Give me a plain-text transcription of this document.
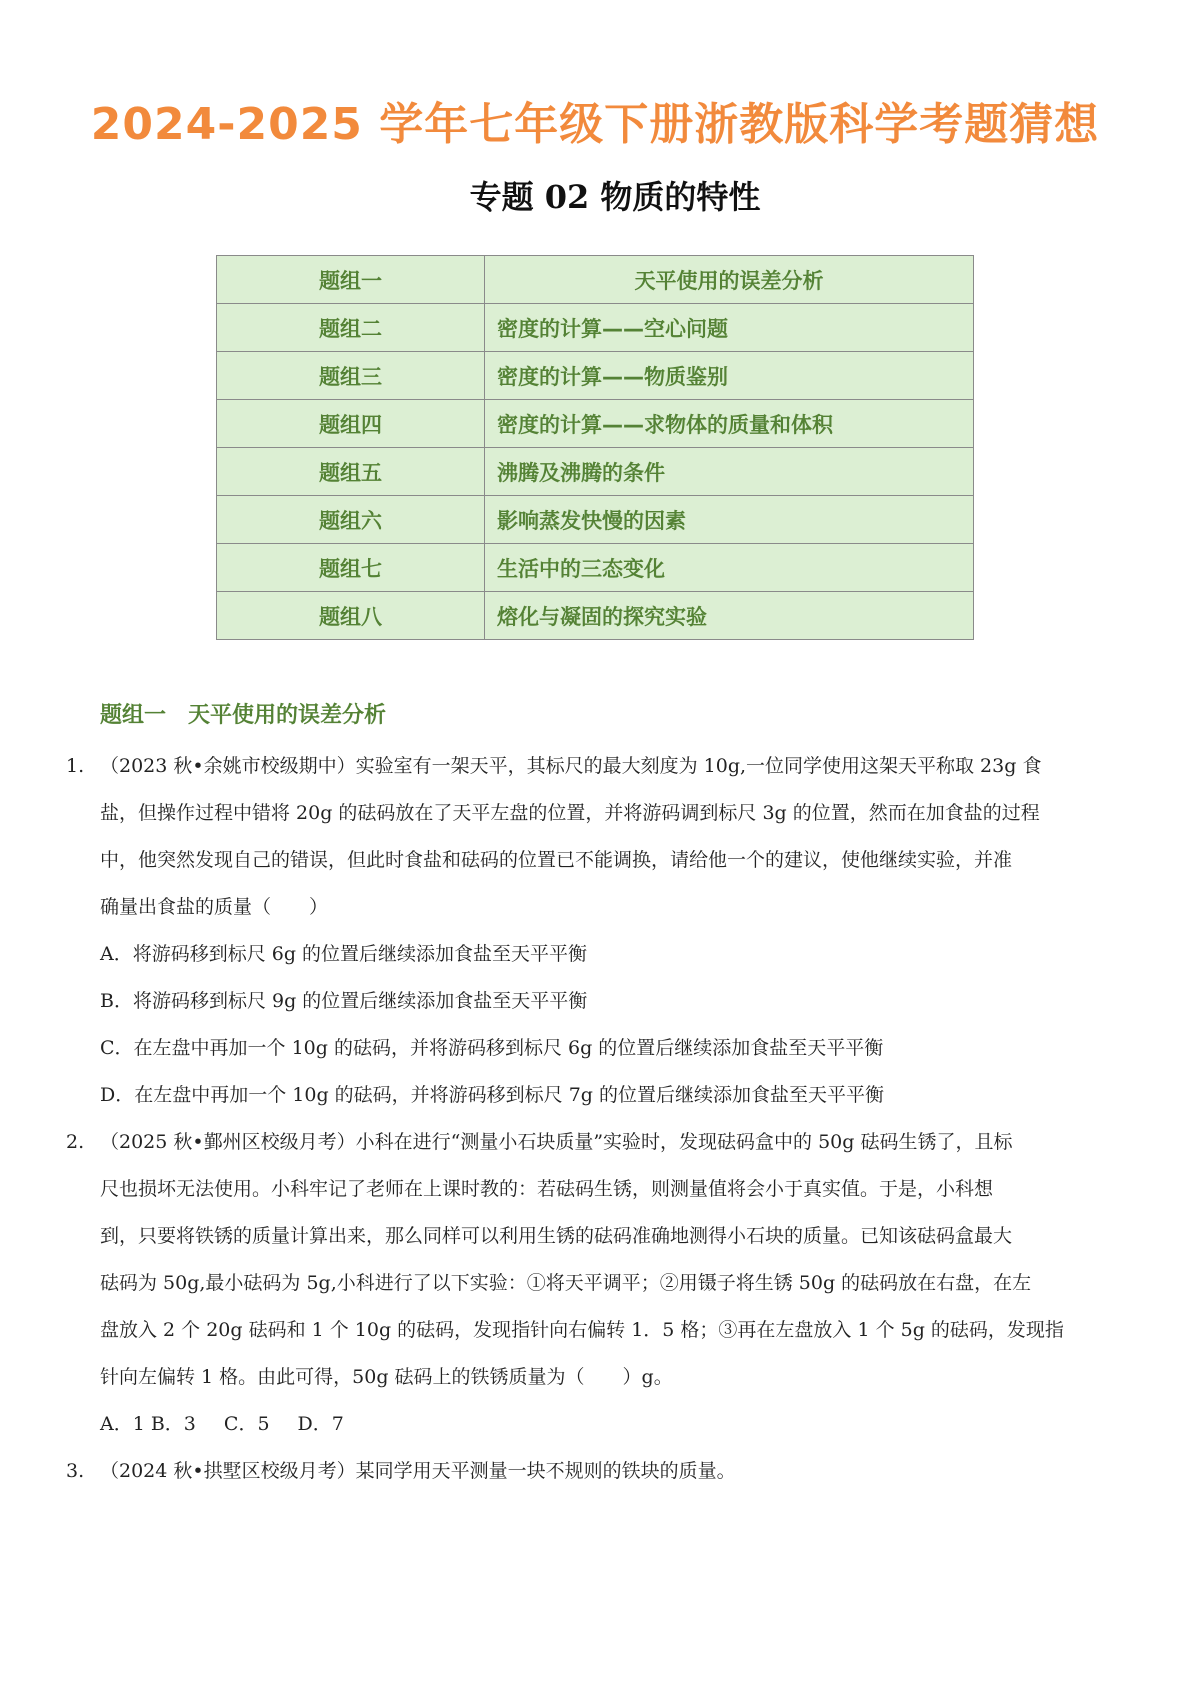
2024-2025 学年七年级下册浙教版科学考题猜想
专题 02 物质的特性
题组一	天平使用的误差分析
题组二	密度的计算——空心问题
题组三	密度的计算——物质鉴别
题组四	密度的计算——求物体的质量和体积
题组五	沸腾及沸腾的条件
题组六	影响蒸发快慢的因素
题组七	生活中的三态变化
题组八	熔化与凝固的探究实验
题组一 天平使用的误差分析
1. （2023 秋•余姚市校级期中）实验室有一架天平，其标尺的最大刻度为 10g,一位同学使用这架天平称取 23g 食

盐，但操作过程中错将 20g 的砝码放在了天平左盘的位置，并将游码调到标尺 3g 的位置，然而在加食盐的过程

中，他突然发现自己的错误，但此时食盐和砝码的位置已不能调换，请给他一个的建议，使他继续实验，并准

确量出食盐的质量（　　）

A．将游码移到标尺 6g 的位置后继续添加食盐至天平平衡

B．将游码移到标尺 9g 的位置后继续添加食盐至天平平衡

C．在左盘中再加一个 10g 的砝码，并将游码移到标尺 6g 的位置后继续添加食盐至天平平衡

D．在左盘中再加一个 10g 的砝码，并将游码移到标尺 7g 的位置后继续添加食盐至天平平衡

2. （2025 秋•鄞州区校级月考）小科在进行“测量小石块质量”实验时，发现砝码盒中的 50g 砝码生锈了，且标

尺也损坏无法使用。小科牢记了老师在上课时教的：若砝码生锈，则测量值将会小于真实值。于是，小科想

到，只要将铁锈的质量计算出来，那么同样可以利用生锈的砝码准确地测得小石块的质量。已知该砝码盒最大

砝码为 50g,最小砝码为 5g,小科进行了以下实验：①将天平调平；②用镊子将生锈 50g 的砝码放在右盘，在左

盘放入 2 个 20g 砝码和 1 个 10g 的砝码，发现指针向右偏转 1．5 格；③再在左盘放入 1 个 5g 的砝码，发现指

针向左偏转 1 格。由此可得，50g 砝码上的铁锈质量为（　　）g。

A．1 B．3 C．5 D．7

3. （2024 秋•拱墅区校级月考）某同学用天平测量一块不规则的铁块的质量。
